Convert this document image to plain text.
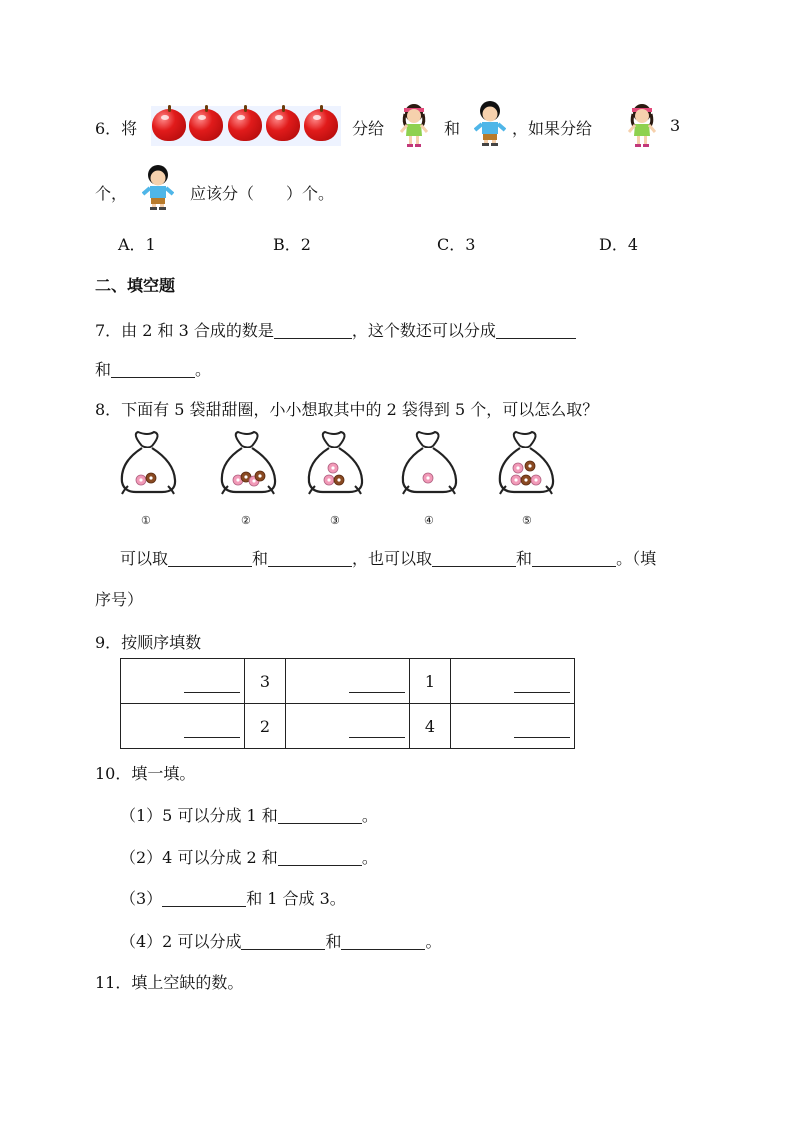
6．将	分给	和	，如果分给	3
个，	应该分（　　）个。
A．1	B．2	C．3	D．4
二、填空题
7．由 2 和 3 合成的数是	，这个数还可以分成
和	。
8．下面有 5 袋甜甜圈，小小想取其中的 2 袋得到 5 个，可以怎么取？
①	②	③	④	⑤
可以取	和	，也可以取	和	。（填
序号）
9．按顺序填数
	3		1	
	2		4	
10．填一填。
（1）5 可以分成 1 和	。
（2）4 可以分成 2 和	。
（3）	和 1 合成 3。
（4）2 可以分成	和	。
11．填上空缺的数。
